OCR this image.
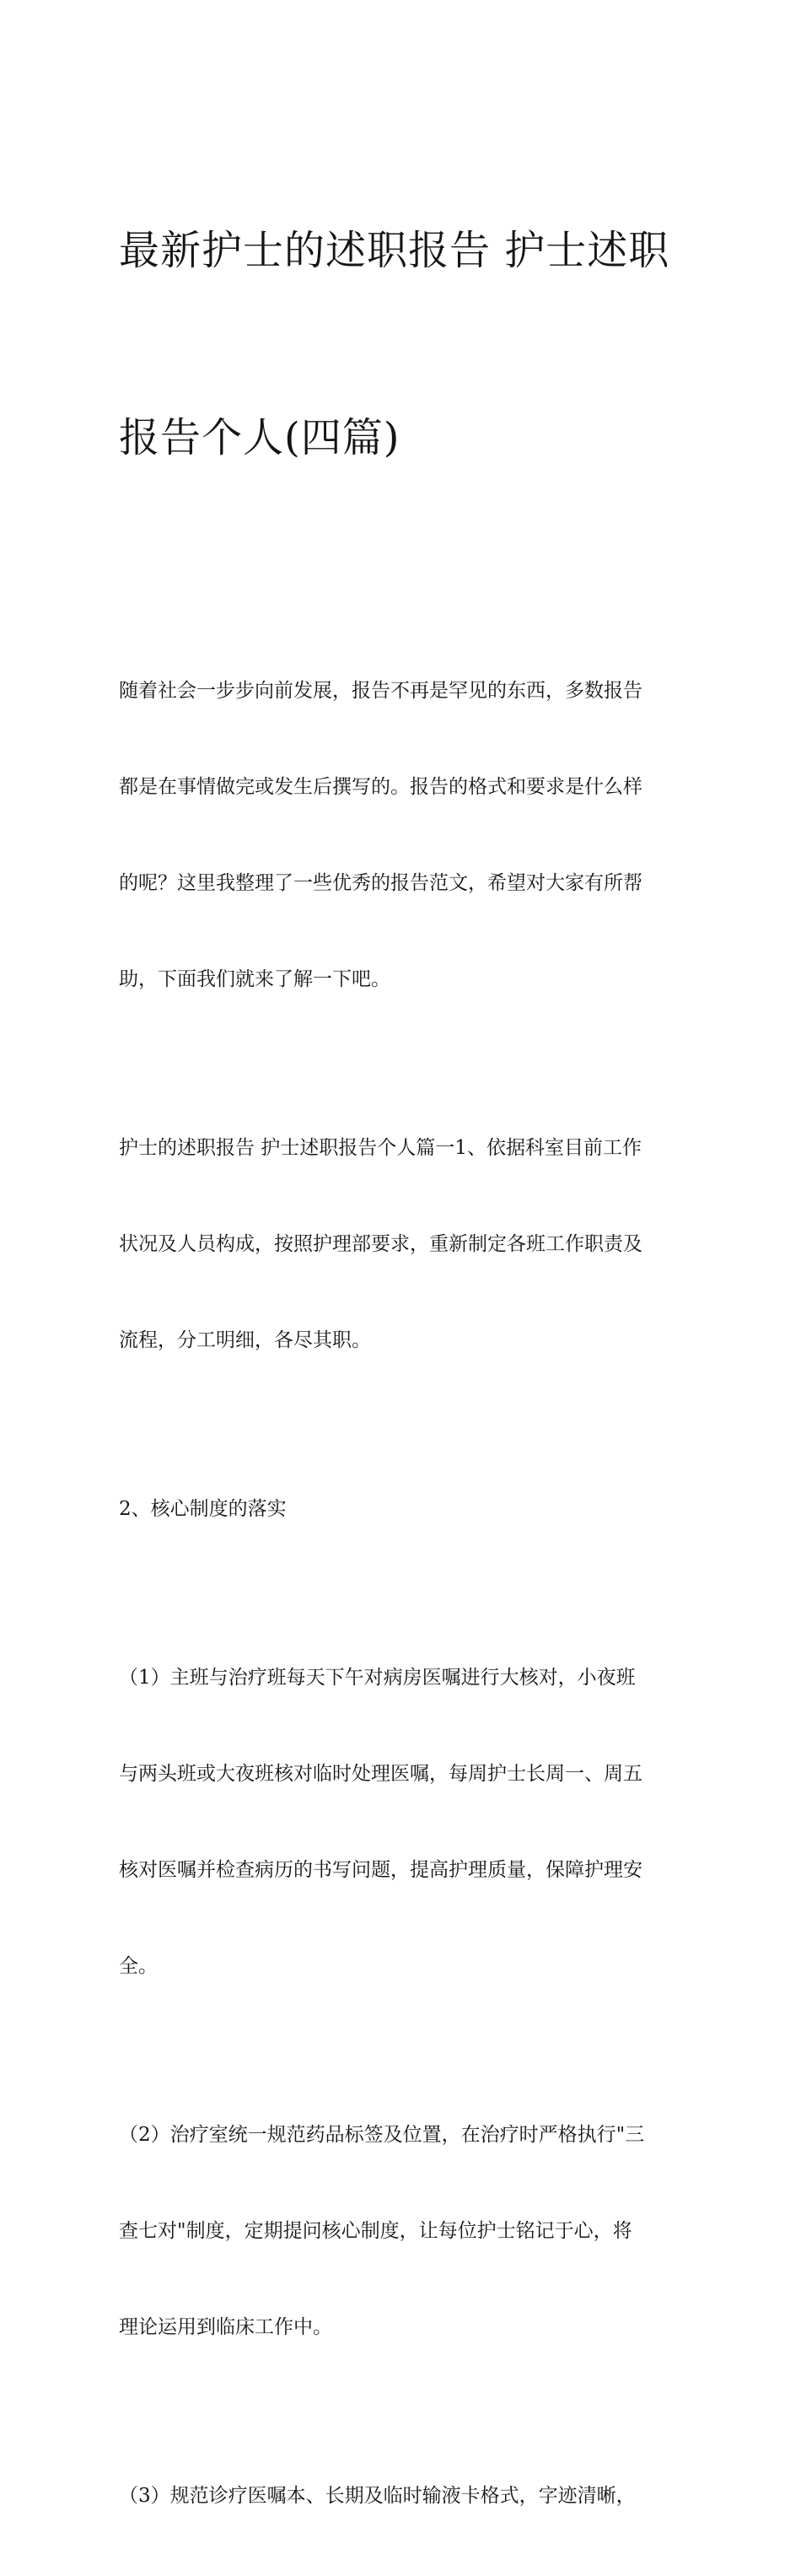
最新护士的述职报告 护士述职

报告个人(四篇)

随着社会一步步向前发展，报告不再是罕见的东西，多数报告

都是在事情做完或发生后撰写的。报告的格式和要求是什么样

的呢？这里我整理了一些优秀的报告范文，希望对大家有所帮

助，下面我们就来了解一下吧。

护士的述职报告 护士述职报告个人篇一1、依据科室目前工作

状况及人员构成，按照护理部要求，重新制定各班工作职责及

流程，分工明细，各尽其职。

2、核心制度的落实

（1）主班与治疗班每天下午对病房医嘱进行大核对，小夜班

与两头班或大夜班核对临时处理医嘱，每周护士长周一、周五

核对医嘱并检查病历的书写问题，提高护理质量，保障护理安

全。

（2）治疗室统一规范药品标签及位置，在治疗时严格执行"三

查七对"制度，定期提问核心制度，让每位护士铭记于心，将

理论运用到临床工作中。

（3）规范诊疗医嘱本、长期及临时输液卡格式，字迹清晰，
